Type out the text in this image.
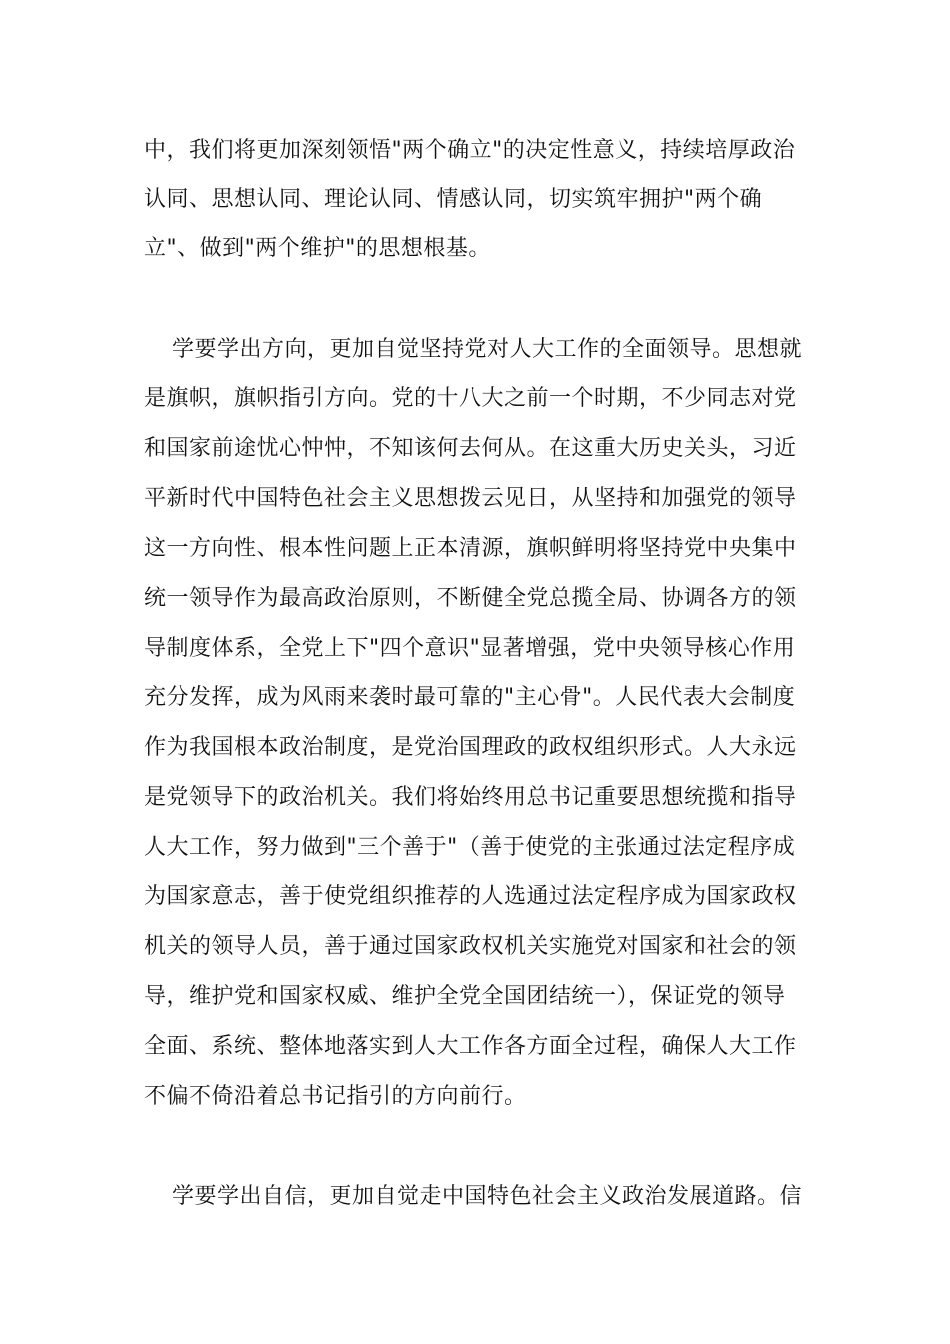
中，我们将更加深刻领悟"两个确立"的决定性意义，持续培厚政治
认同、思想认同、理论认同、情感认同，切实筑牢拥护"两个确
立"、做到"两个维护"的思想根基。
学要学出方向，更加自觉坚持党对人大工作的全面领导。思想就
是旗帜，旗帜指引方向。党的十八大之前一个时期，不少同志对党
和国家前途忧心忡忡，不知该何去何从。在这重大历史关头，习近
平新时代中国特色社会主义思想拨云见日，从坚持和加强党的领导
这一方向性、根本性问题上正本清源，旗帜鲜明将坚持党中央集中
统一领导作为最高政治原则，不断健全党总揽全局、协调各方的领
导制度体系，全党上下"四个意识"显著增强，党中央领导核心作用
充分发挥，成为风雨来袭时最可靠的"主心骨"。人民代表大会制度
作为我国根本政治制度，是党治国理政的政权组织形式。人大永远
是党领导下的政治机关。我们将始终用总书记重要思想统揽和指导
人大工作，努力做到"三个善于"（善于使党的主张通过法定程序成
为国家意志，善于使党组织推荐的人选通过法定程序成为国家政权
机关的领导人员，善于通过国家政权机关实施党对国家和社会的领
导，维护党和国家权威、维护全党全国团结统一），保证党的领导
全面、系统、整体地落实到人大工作各方面全过程，确保人大工作
不偏不倚沿着总书记指引的方向前行。
学要学出自信，更加自觉走中国特色社会主义政治发展道路。信
